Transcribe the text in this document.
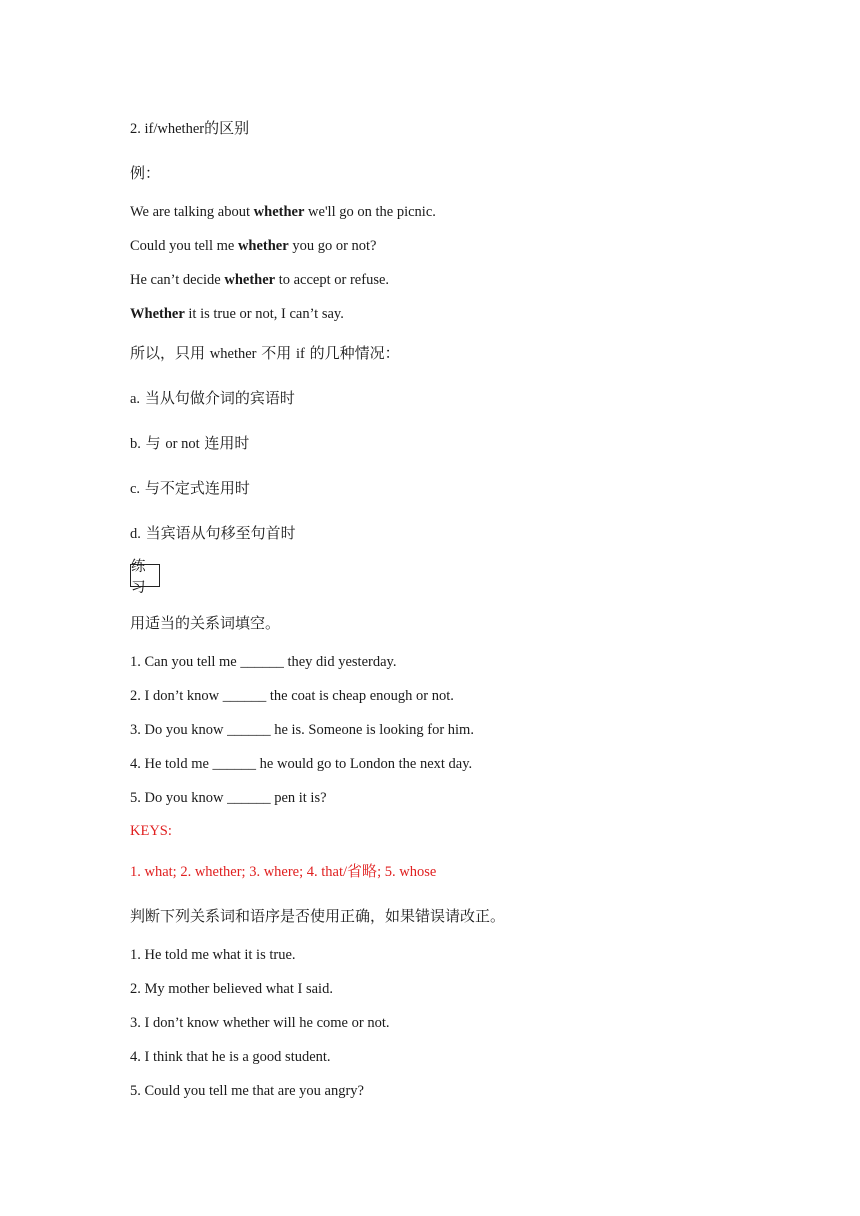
2. if/whether的区别
例：
We are talking about whether we'll go on the picnic.
Could you tell me whether you go or not?
He can’t decide whether to accept or refuse.
Whether it is true or not, I can’t say.
所以，只用 whether 不用 if 的几种情况：
a. 当从句做介词的宾语时
b. 与 or not 连用时
c. 与不定式连用时
d. 当宾语从句移至句首时
练习
用适当的关系词填空。
1. Can you tell me ______ they did yesterday.
2. I don’t know ______ the coat is cheap enough or not.
3. Do you know ______ he is. Someone is looking for him.
4. He told me ______ he would go to London the next day.
5. Do you know ______ pen it is?
KEYS:
1. what; 2. whether; 3. where; 4. that/省略; 5. whose
判断下列关系词和语序是否使用正确，如果错误请改正。
1. He told me what it is true.
2. My mother believed what I said.
3. I don’t know whether will he come or not.
4. I think that he is a good student.
5. Could you tell me that are you angry?
